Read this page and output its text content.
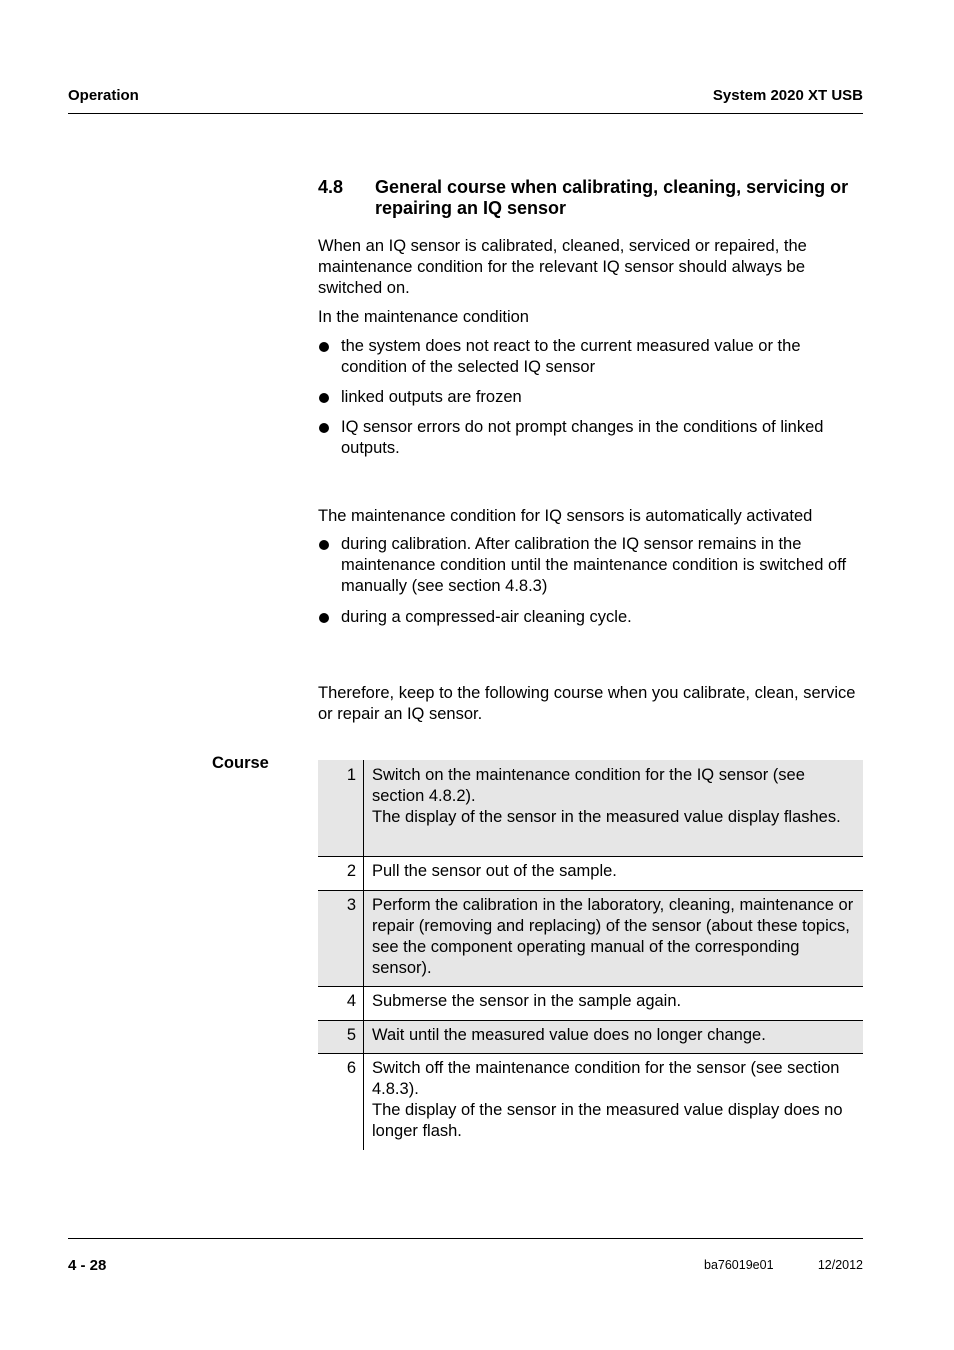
Operation	System 2020 XT USB
4.8 General course when calibrating, cleaning, servicing or repairing an IQ sensor

When an IQ sensor is calibrated, cleaned, serviced or repaired, the maintenance condition for the relevant IQ sensor should always be switched on.

In the maintenance condition

the system does not react to the current measured value or the condition of the selected IQ sensor
linked outputs are frozen
IQ sensor errors do not prompt changes in the conditions of linked outputs.

The maintenance condition for IQ sensors is automatically activated

during calibration. After calibration the IQ sensor remains in the maintenance condition until the maintenance condition is switched off manually (see section 4.8.3)
during a compressed-air cleaning cycle.

Therefore, keep to the following course when you calibrate, clean, service or repair an IQ sensor.

Course
1 Switch on the maintenance condition for the IQ sensor (see section 4.8.2).
The display of the sensor in the measured value display flashes.
2 Pull the sensor out of the sample.
3 Perform the calibration in the laboratory, cleaning, maintenance or repair (removing and replacing) of the sensor (about these topics, see the component operating manual of the corresponding sensor).
4 Submerse the sensor in the sample again.
5 Wait until the measured value does no longer change.
6 Switch off the maintenance condition for the sensor (see section 4.8.3).
The display of the sensor in the measured value display does no longer flash.
4 - 28	ba76019e01	12/2012
